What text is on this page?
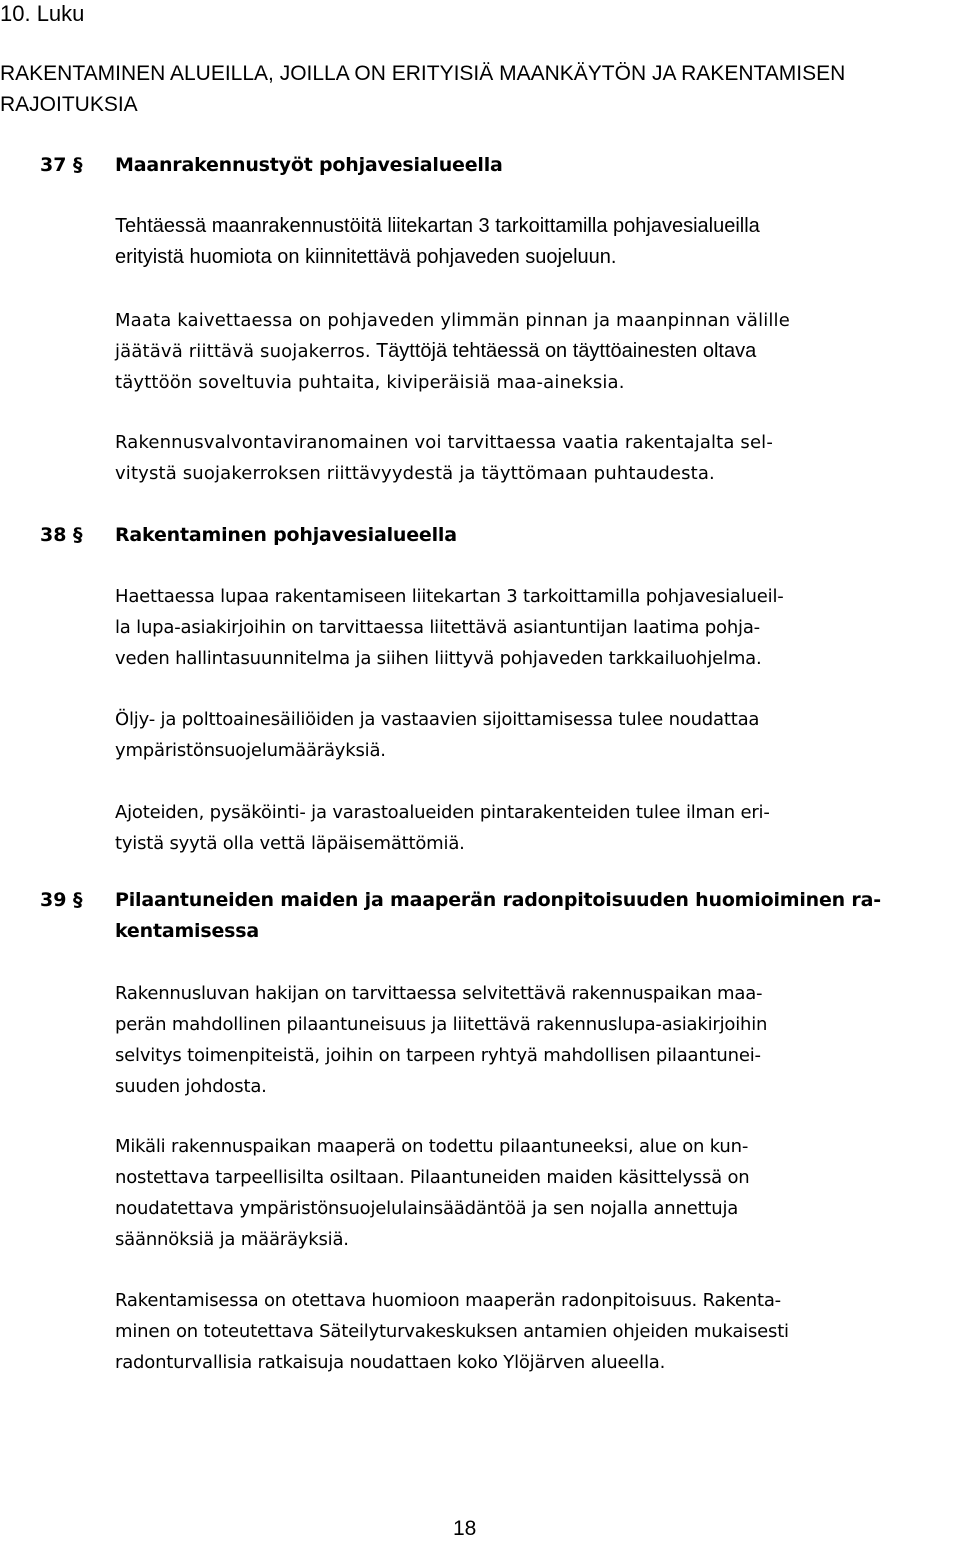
10. Luku
RAKENTAMINEN ALUEILLA, JOILLA ON ERITYISIÄ MAANKÄYTÖN JA RAKENTAMISEN
RAJOITUKSIA
37 § Maanrakennustyöt pohjavesialueella
Tehtäessä maanrakennustöitä liitekartan 3 tarkoittamilla pohjavesialueilla
erityistä huomiota on kiinnitettävä pohjaveden suojeluun.
Maata kaivettaessa on pohjaveden ylimmän pinnan ja maanpinnan välille
jäätävä riittävä suojakerros. Täyttöjä tehtäessä on täyttöainesten oltava
täyttöön soveltuvia puhtaita, kiviperäisiä maa-aineksia.
Rakennusvalvontaviranomainen voi tarvittaessa vaatia rakentajalta sel-
vitystä suojakerroksen riittävyydestä ja täyttömaan puhtaudesta.
38 § Rakentaminen pohjavesialueella
Haettaessa lupaa rakentamiseen liitekartan 3 tarkoittamilla pohjavesialueil-
la lupa-asiakirjoihin on tarvittaessa liitettävä asiantuntijan laatima pohja-
veden hallintasuunnitelma ja siihen liittyvä pohjaveden tarkkailuohjelma.
Öljy- ja polttoainesäiliöiden ja vastaavien sijoittamisessa tulee noudattaa
ympäristönsuojelumääräyksiä.
Ajoteiden, pysäköinti- ja varastoalueiden pintarakenteiden tulee ilman eri-
tyistä syytä olla vettä läpäisemättömiä.
39 § Pilaantuneiden maiden ja maaperän radonpitoisuuden huomioiminen ra-
kentamisessa
Rakennusluvan hakijan on tarvittaessa selvitettävä rakennuspaikan maa-
perän mahdollinen pilaantuneisuus ja liitettävä rakennuslupa-asiakirjoihin
selvitys toimenpiteistä, joihin on tarpeen ryhtyä mahdollisen pilaantunei-
suuden johdosta.
Mikäli rakennuspaikan maaperä on todettu pilaantuneeksi, alue on kun-
nostettava tarpeellisilta osiltaan. Pilaantuneiden maiden käsittelyssä on
noudatettava ympäristönsuojelulainsäädäntöä ja sen nojalla annettuja
säännöksiä ja määräyksiä.
Rakentamisessa on otettava huomioon maaperän radonpitoisuus. Rakenta-
minen on toteutettava Säteilyturvakeskuksen antamien ohjeiden mukaisesti
radonturvallisia ratkaisuja noudattaen koko Ylöjärven alueella.
18
